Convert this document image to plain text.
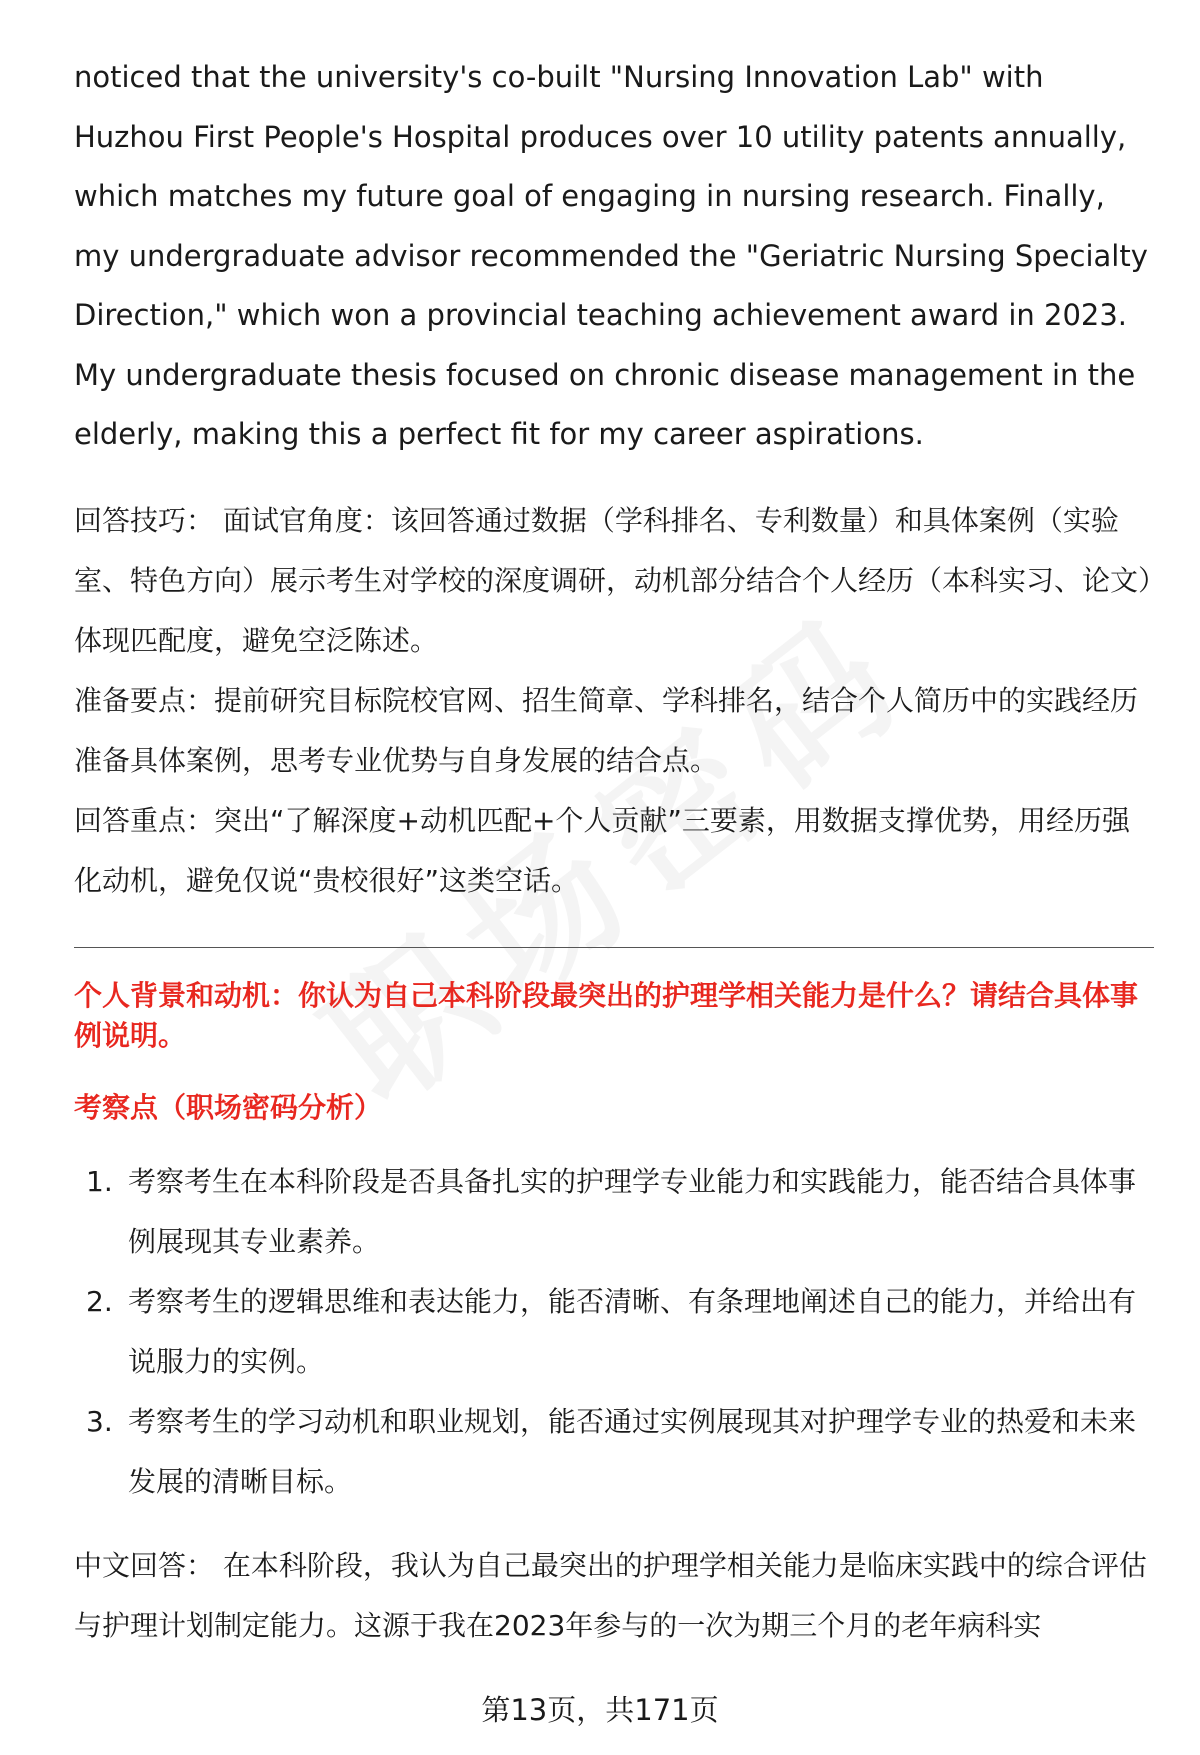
noticed that the university's co-built "Nursing Innovation Lab" with Huzhou First People's Hospital produces over 10 utility patents annually, which matches my future goal of engaging in nursing research. Finally, my undergraduate advisor recommended the "Geriatric Nursing Specialty Direction," which won a provincial teaching achievement award in 2023. My undergraduate thesis focused on chronic disease management in the elderly, making this a perfect fit for my career aspirations.

回答技巧： 面试官角度：该回答通过数据（学科排名、专利数量）和具体案例（实验室、特色方向）展示考生对学校的深度调研，动机部分结合个人经历（本科实习、论文）体现匹配度，避免空泛陈述。

准备要点：提前研究目标院校官网、招生简章、学科排名，结合个人简历中的实践经历准备具体案例，思考专业优势与自身发展的结合点。

回答重点：突出“了解深度+动机匹配+个人贡献”三要素，用数据支撑优势，用经历强化动机，避免仅说“贵校很好”这类空话。

个人背景和动机：你认为自己本科阶段最突出的护理学相关能力是什么？请结合具体事例说明。

考察点（职场密码分析）

1. 考察考生在本科阶段是否具备扎实的护理学专业能力和实践能力，能否结合具体事例展现其专业素养。
2. 考察考生的逻辑思维和表达能力，能否清晰、有条理地阐述自己的能力，并给出有说服力的实例。
3. 考察考生的学习动机和职业规划，能否通过实例展现其对护理学专业的热爱和未来发展的清晰目标。

中文回答： 在本科阶段，我认为自己最突出的护理学相关能力是临床实践中的综合评估与护理计划制定能力。这源于我在2023年参与的一次为期三个月的老年病科实

第13页，共171页
